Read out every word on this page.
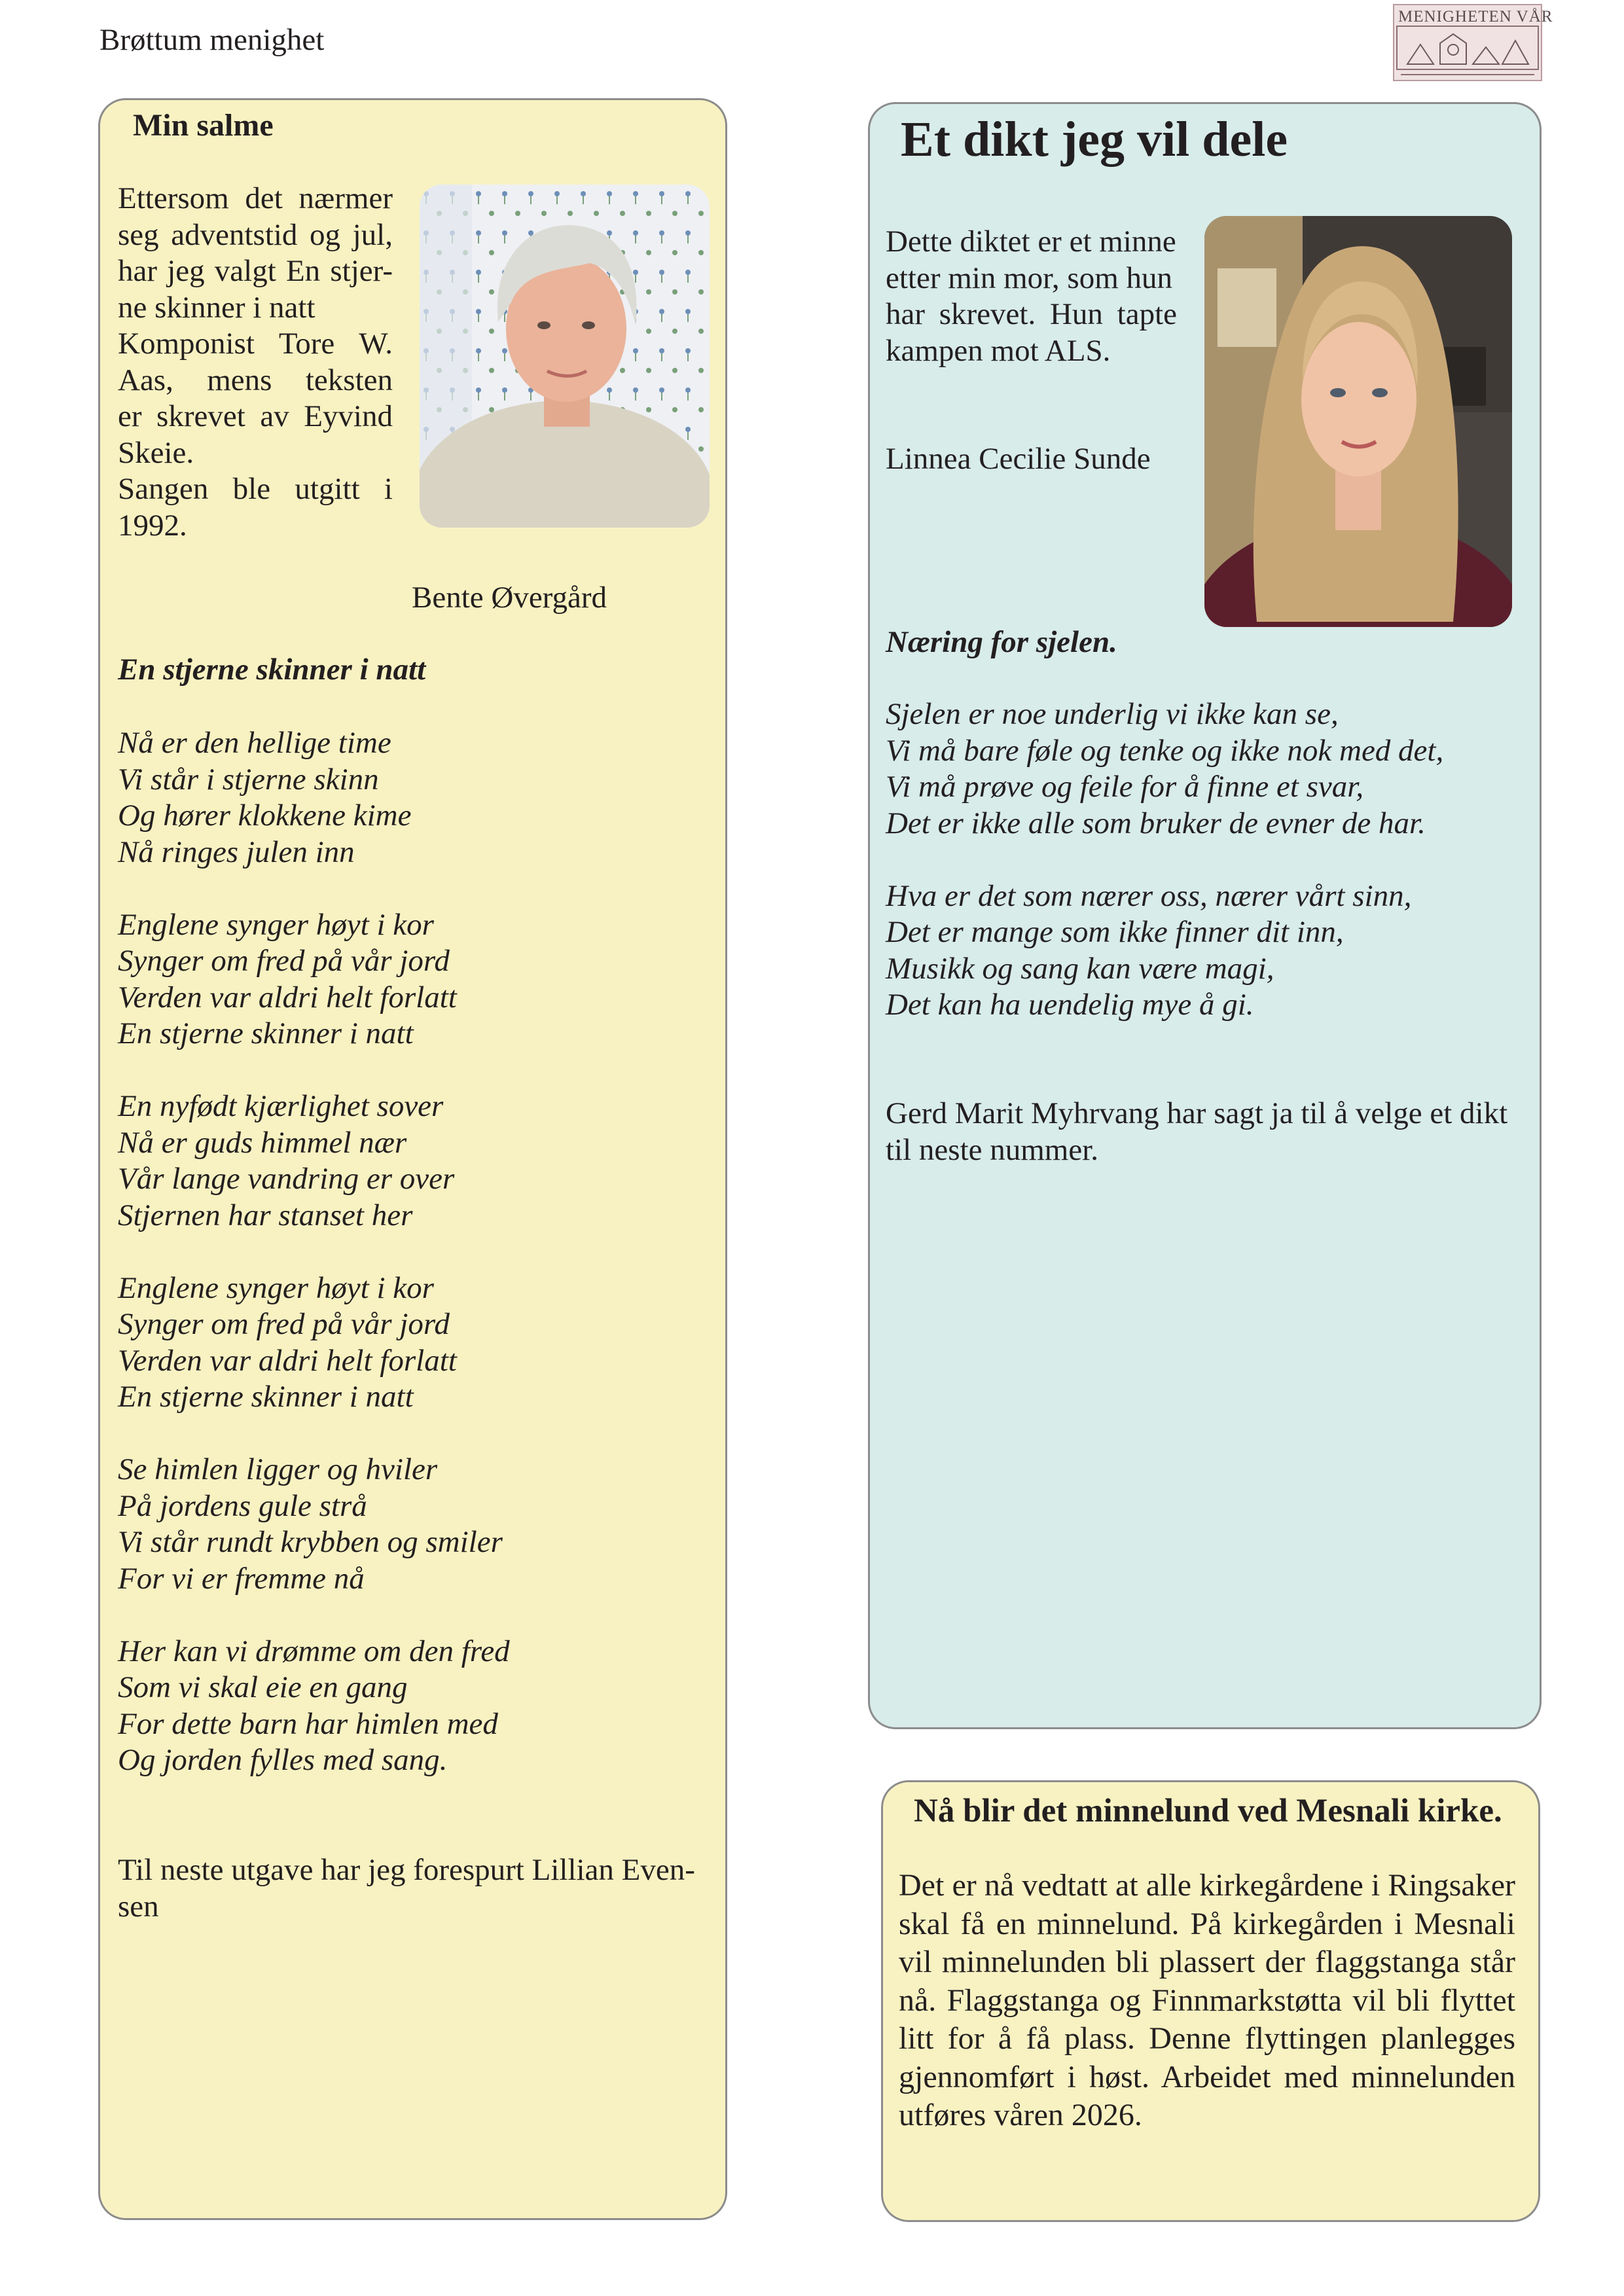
Brøttum menighet
MENIGHETEN VÅR
Min salme
Ettersom det nærmer
seg adventstid og jul,
har jeg valgt En stjer-
ne skinner i natt
Komponist Tore W.
Aas, mens teksten
er skrevet av Eyvind
Skeie.
Sangen ble utgitt i
1992.
Bente Øvergård
En stjerne skinner i natt
Nå er den hellige time
Vi står i stjerne skinn
Og hører klokkene kime
Nå ringes julen inn
Englene synger høyt i kor
Synger om fred på vår jord
Verden var aldri helt forlatt
En stjerne skinner i natt
En nyfødt kjærlighet sover
Nå er guds himmel nær
Vår lange vandring er over
Stjernen har stanset her
Englene synger høyt i kor
Synger om fred på vår jord
Verden var aldri helt forlatt
En stjerne skinner i natt
Se himlen ligger og hviler
På jordens gule strå
Vi står rundt krybben og smiler
For vi er fremme nå
Her kan vi drømme om den fred
Som vi skal eie en gang
For dette barn har himlen med
Og jorden fylles med sang.
Til neste utgave har jeg forespurt Lillian Even-
sen
Et dikt jeg vil dele
Dette diktet er et minne
etter min mor, som hun
har skrevet. Hun tapte
kampen mot ALS.
Linnea Cecilie Sunde
Næring for sjelen.
Sjelen er noe underlig vi ikke kan se,
Vi må bare føle og tenke og ikke nok med det,
Vi må prøve og feile for å finne et svar,
Det er ikke alle som bruker de evner de har.
Hva er det som nærer oss, nærer vårt sinn,
Det er mange som ikke finner dit inn,
Musikk og sang kan være magi,
Det kan ha uendelig mye å gi.
Gerd Marit Myhrvang har sagt ja til å velge et dikt
til neste nummer.
Nå blir det minnelund ved Mesnali kirke.
Det er nå vedtatt at alle kirkegårdene i Ringsaker
skal få en minnelund. På kirkegården i Mesnali
vil minnelunden bli plassert der flaggstanga står
nå. Flaggstanga og Finnmarkstøtta vil bli flyttet
litt for å få plass. Denne flyttingen planlegges
gjennomført i høst. Arbeidet med minnelunden
utføres våren 2026.
